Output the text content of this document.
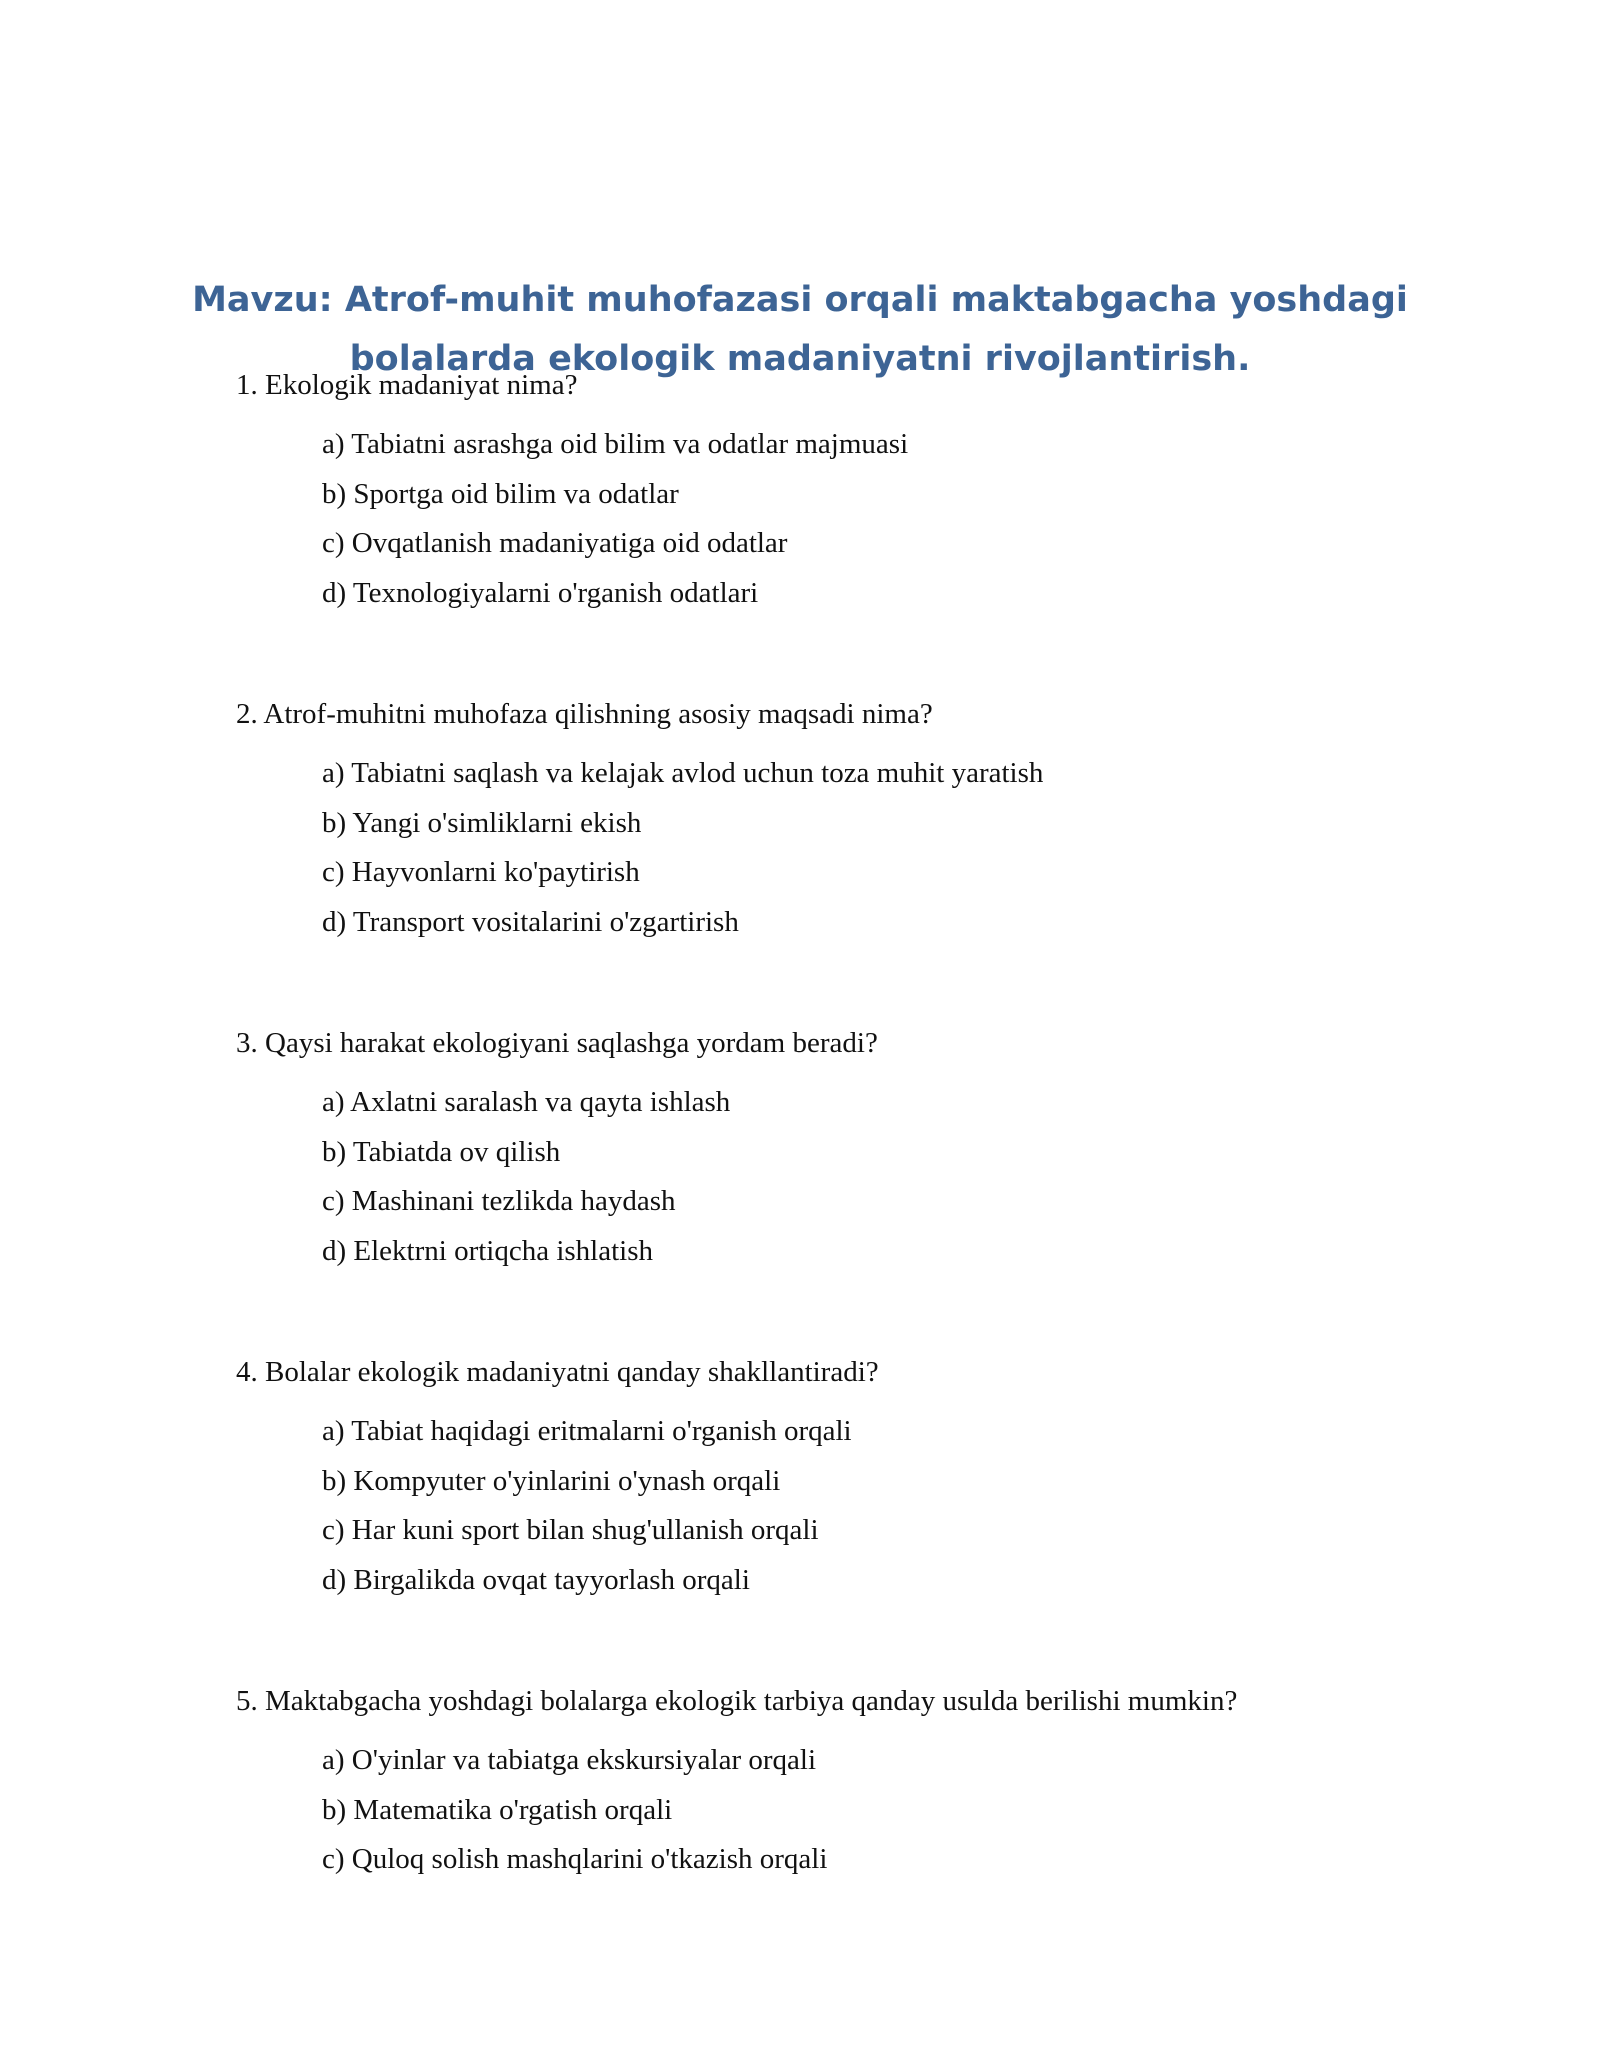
Mavzu: Atrof-muhit muhofazasi orqali maktabgacha yoshdagi
bolalarda ekologik madaniyatni rivojlantirish.
1. Ekologik madaniyat nima?
a) Tabiatni asrashga oid bilim va odatlar majmuasi
b) Sportga oid bilim va odatlar
c) Ovqatlanish madaniyatiga oid odatlar
d) Texnologiyalarni o'rganish odatlari
2. Atrof-muhitni muhofaza qilishning asosiy maqsadi nima?
a) Tabiatni saqlash va kelajak avlod uchun toza muhit yaratish
b) Yangi o'simliklarni ekish
c) Hayvonlarni ko'paytirish
d) Transport vositalarini o'zgartirish
3. Qaysi harakat ekologiyani saqlashga yordam beradi?
a) Axlatni saralash va qayta ishlash
b) Tabiatda ov qilish
c) Mashinani tezlikda haydash
d) Elektrni ortiqcha ishlatish
4. Bolalar ekologik madaniyatni qanday shakllantiradi?
a) Tabiat haqidagi eritmalarni o'rganish orqali
b) Kompyuter o'yinlarini o'ynash orqali
c) Har kuni sport bilan shug'ullanish orqali
d) Birgalikda ovqat tayyorlash orqali
5. Maktabgacha yoshdagi bolalarga ekologik tarbiya qanday usulda berilishi mumkin?
a) O'yinlar va tabiatga ekskursiyalar orqali
b) Matematika o'rgatish orqali
c) Quloq solish mashqlarini o'tkazish orqali
